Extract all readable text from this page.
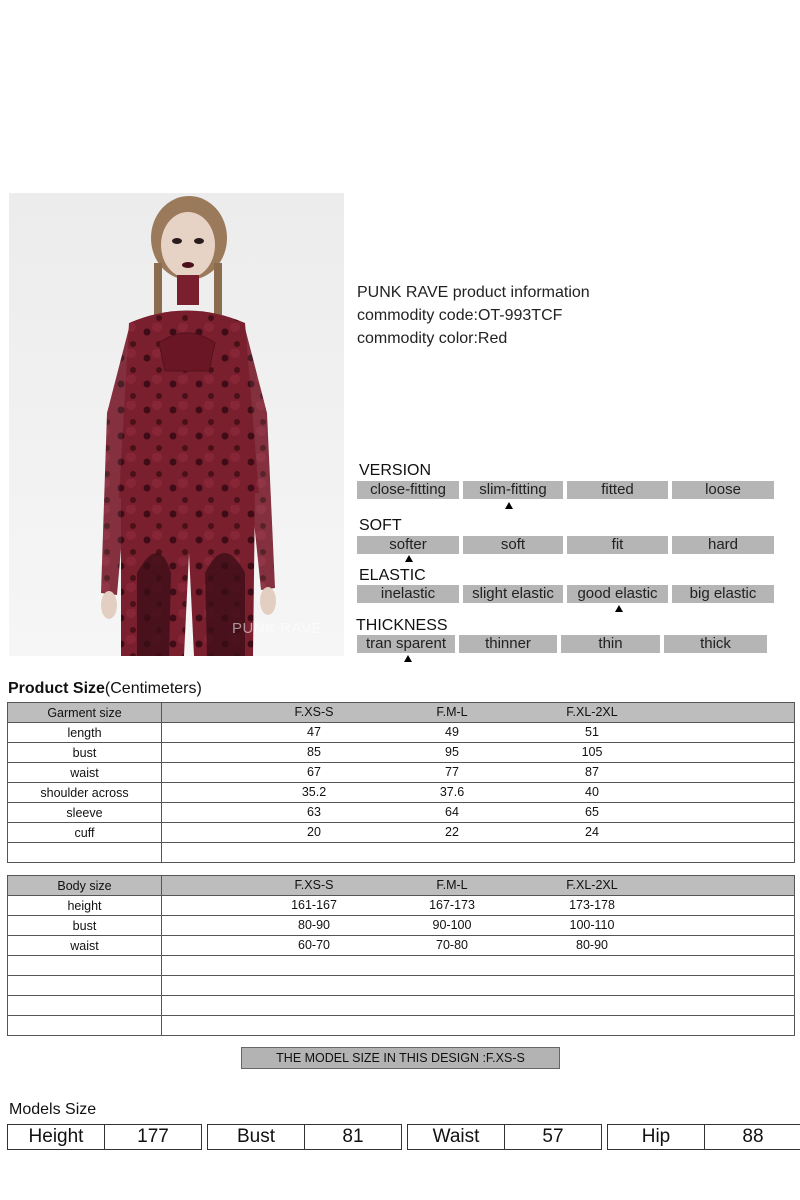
PUNK RAVE
PUNK RAVE product information
commodity code:OT-993TCF
commodity color:Red
VERSION
close-fitting	slim-fitting	fitted	loose
SOFT
softer	soft	fit	hard
ELASTIC
inelastic	slight elastic	good elastic	big elastic
THICKNESS
tran sparent	thinner	thin	thick
Product Size(Centimeters)
Garment size	F.XS-S F.M-L F.XL-2XL

length	47 49 51

bust	85 95 105

waist	67 77 87

shoulder across	35.2 37.6 40

sleeve	63 64 65

cuff	20 22 24

Body size	F.XS-S F.M-L F.XL-2XL

height	161-167 167-173 173-178

bust	80-90 90-100 100-110

waist	60-70 70-80 80-90

THE MODEL SIZE IN THIS DESIGN :F.XS-S
Models Size
Height	177	Bust	81	Waist	57	Hip	88
